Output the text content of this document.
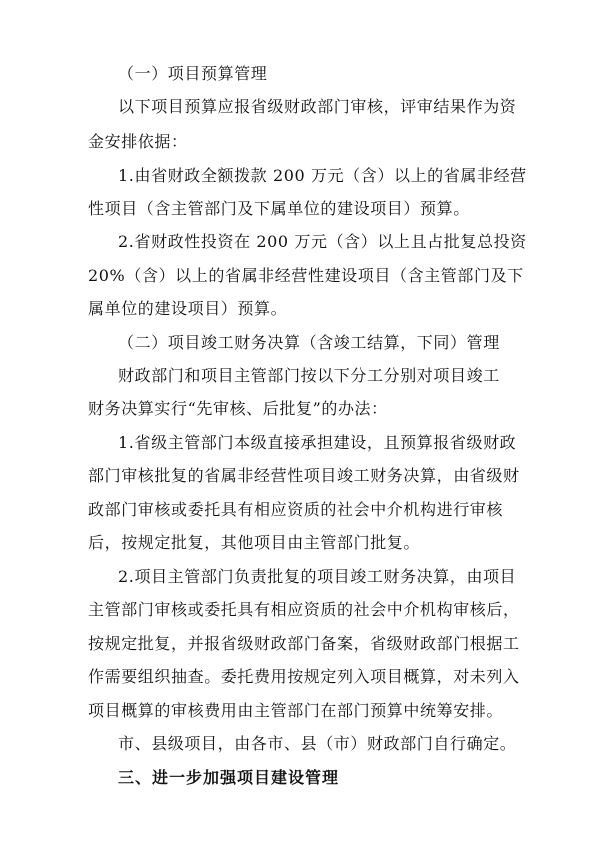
（一）项目预算管理
以下项目预算应报省级财政部门审核，评审结果作为资
金安排依据：
1.由省财政全额拨款 200 万元（含）以上的省属非经营
性项目（含主管部门及下属单位的建设项目）预算。
2.省财政性投资在 200 万元（含）以上且占批复总投资
20%（含）以上的省属非经营性建设项目（含主管部门及下
属单位的建设项目）预算。
（二）项目竣工财务决算（含竣工结算，下同）管理
财政部门和项目主管部门按以下分工分别对项目竣工
财务决算实行“先审核、后批复”的办法：
1.省级主管部门本级直接承担建设，且预算报省级财政
部门审核批复的省属非经营性项目竣工财务决算，由省级财
政部门审核或委托具有相应资质的社会中介机构进行审核
后，按规定批复，其他项目由主管部门批复。
2.项目主管部门负责批复的项目竣工财务决算，由项目
主管部门审核或委托具有相应资质的社会中介机构审核后，
按规定批复，并报省级财政部门备案，省级财政部门根据工
作需要组织抽查。委托费用按规定列入项目概算，对未列入
项目概算的审核费用由主管部门在部门预算中统筹安排。
市、县级项目，由各市、县（市）财政部门自行确定。
三、进一步加强项目建设管理
